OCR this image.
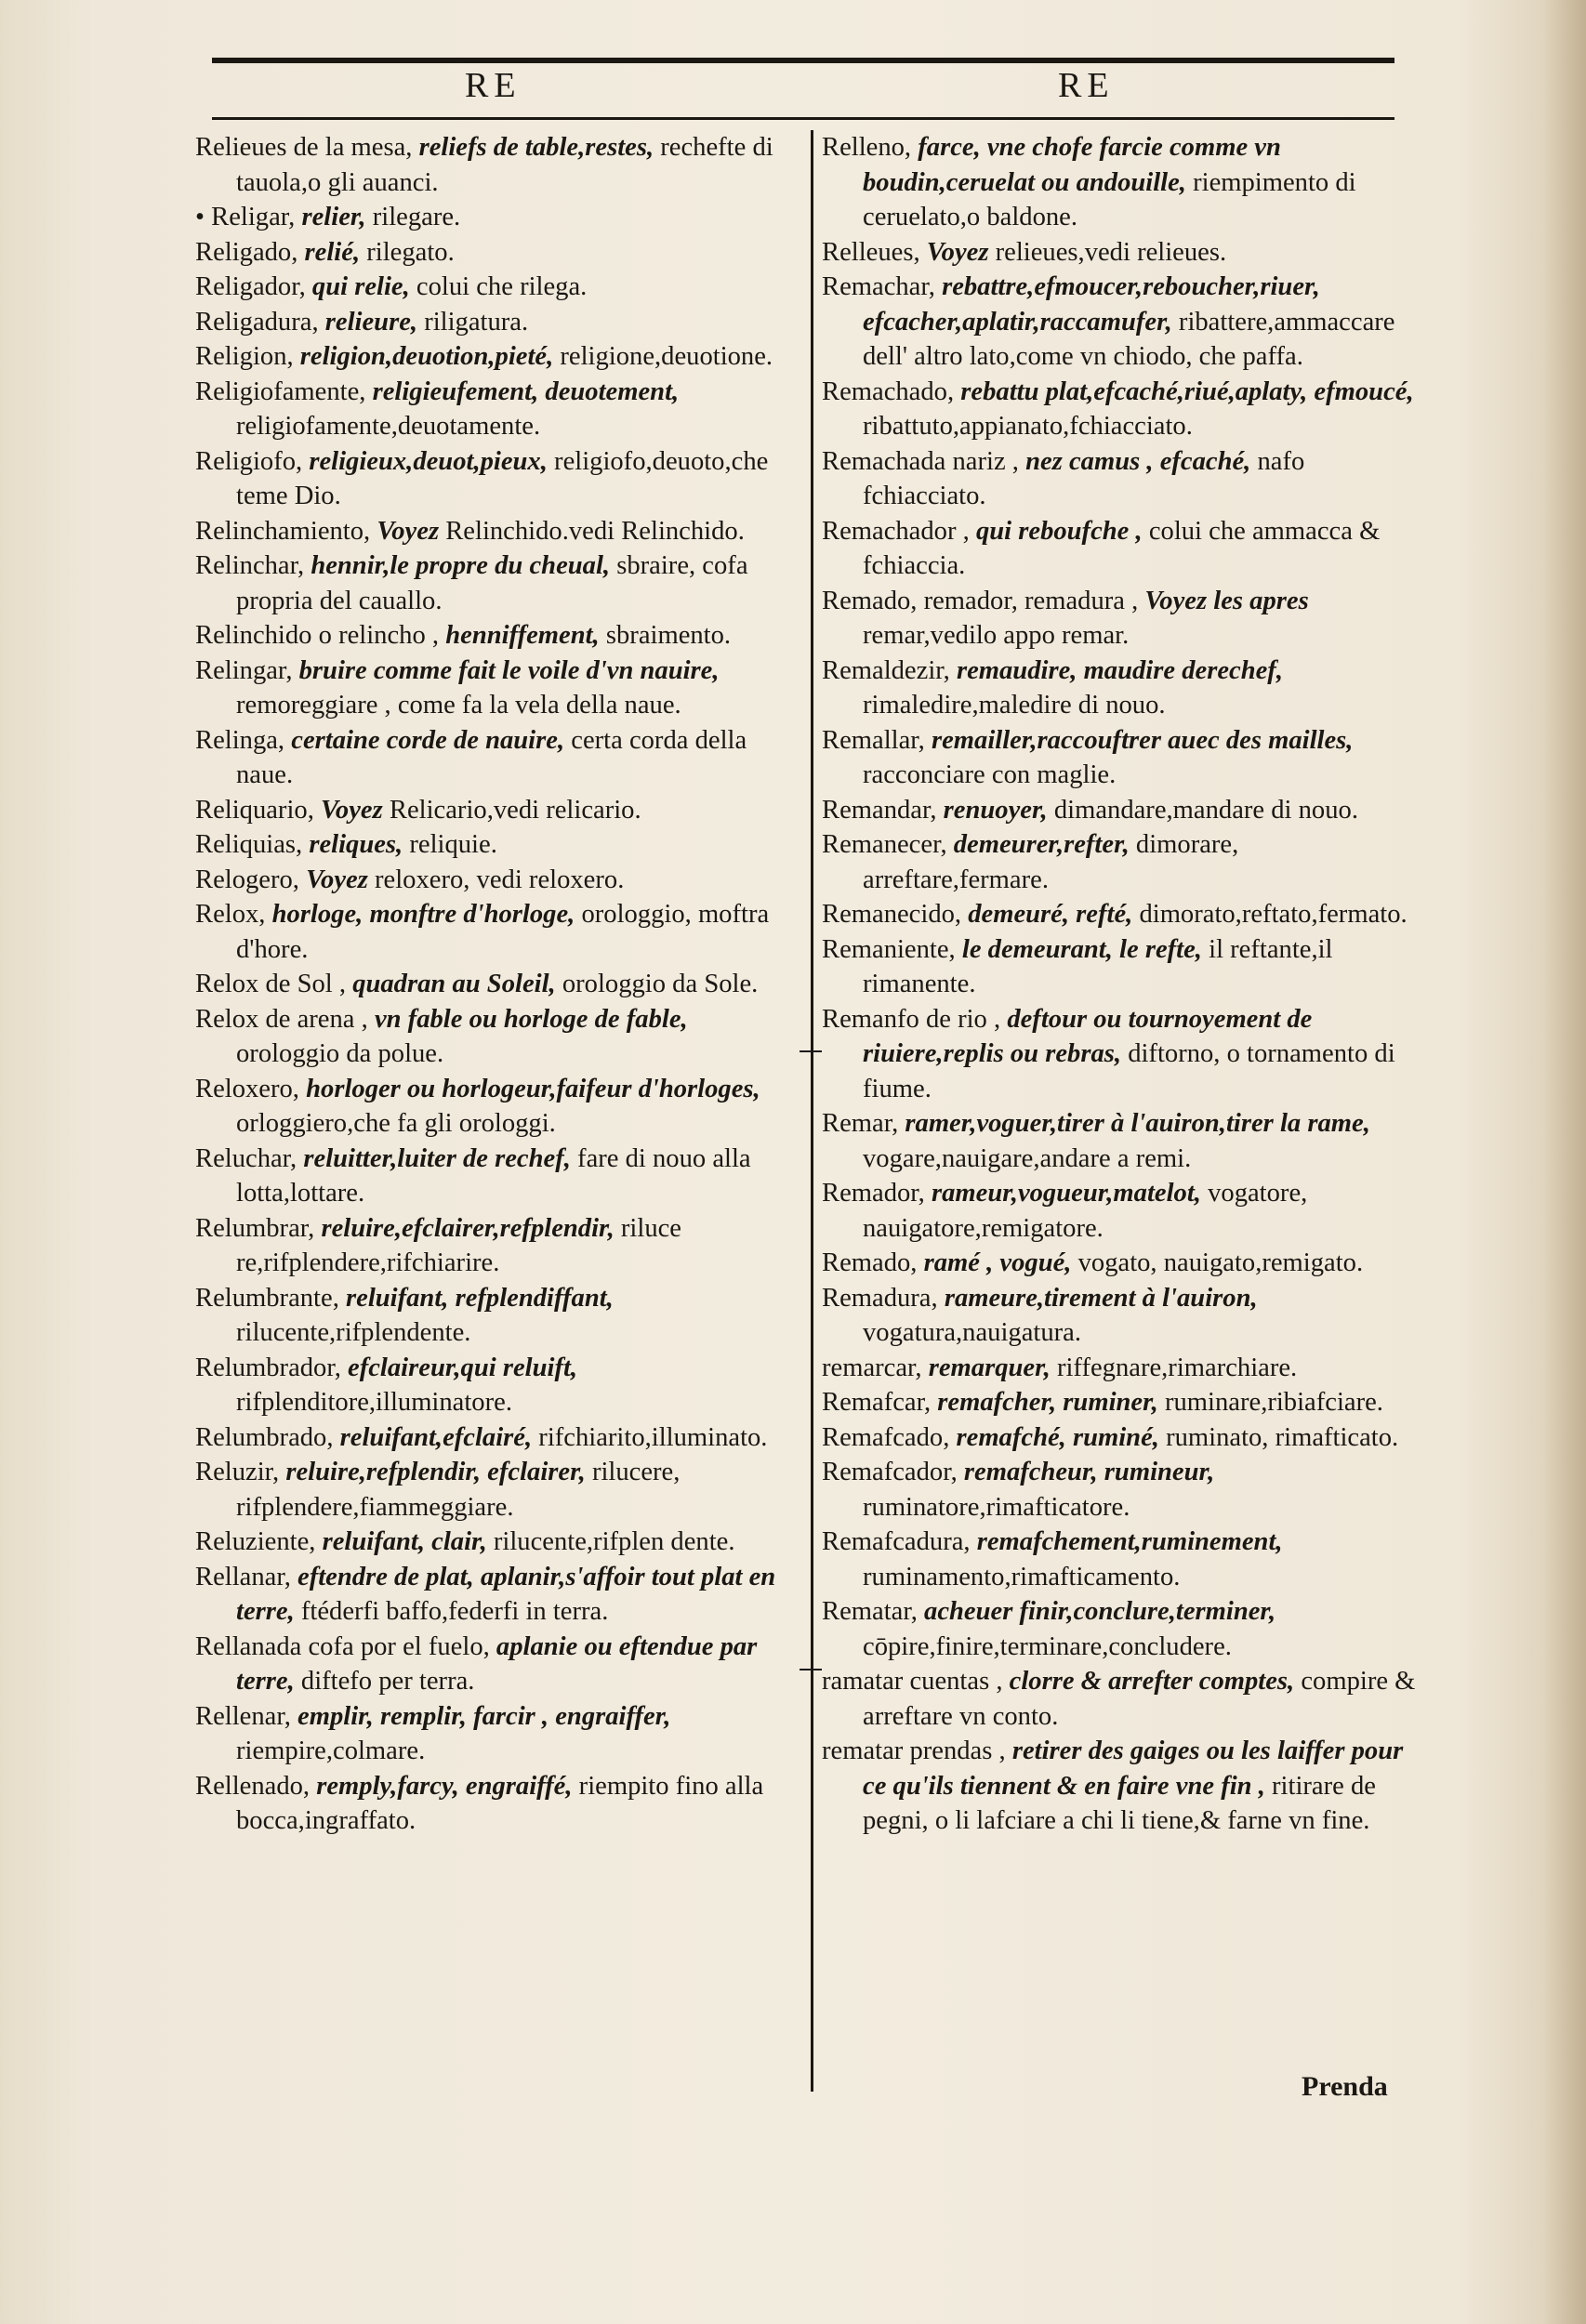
RE	RE
Relieues de la mesa, reliefs de table,restes, rechefte di tauola,o gli auanci.
• Religar, relier, rilegare.
Religado, relié, rilegato.
Religador, qui relie, colui che rilega.
Religadura, relieure, riligatura.
Religion, religion,deuotion,pieté, religione,deuotione.
Religiofamente, religieufement, deuotement, religiofamente,deuotamente.
Religiofo, religieux,deuot,pieux, religiofo,deuoto,che teme Dio.
Relinchamiento, Voyez Relinchido.vedi Relinchido.
Relinchar, hennir,le propre du cheual, sbraire, cofa propria del cauallo.
Relinchido o relincho , henniffement, sbraimento.
Relingar, bruire comme fait le voile d'vn nauire, remoreggiare , come fa la vela della naue.
Relinga, certaine corde de nauire, certa corda della naue.
Reliquario, Voyez Relicario,vedi relicario.
Reliquias, reliques, reliquie.
Relogero, Voyez reloxero, vedi reloxero.
Relox, horloge, monftre d'horloge, orologgio, moftra d'hore.
Relox de Sol , quadran au Soleil, orologgio da Sole.
Relox de arena , vn fable ou horloge de fable, orologgio da polue.
Reloxero, horloger ou horlogeur,faifeur d'horloges, orloggiero,che fa gli orologgi.
Reluchar, reluitter,luiter de rechef, fare di nouo alla lotta,lottare.
Relumbrar, reluire,efclairer,refplendir, riluce re,rifplendere,rifchiarire.
Relumbrante, reluifant, refplendiffant, rilucente,rifplendente.
Relumbrador, efclaireur,qui reluift, rifplenditore,illuminatore.
Relumbrado, reluifant,efclairé, rifchiarito,illuminato.
Reluzir, reluire,refplendir, efclairer, rilucere, rifplendere,fiammeggiare.
Reluziente, reluifant, clair, rilucente,rifplen dente.
Rellanar, eftendre de plat, aplanir,s'affoir tout plat en terre, ftéderfi baffo,federfi in terra.
Rellanada cofa por el fuelo, aplanie ou eftendue par terre, diftefo per terra.
Rellenar, emplir, remplir, farcir , engraiffer, riempire,colmare.
Rellenado, remply,farcy, engraiffé, riempito fino alla bocca,ingraffato.
Relleno, farce, vne chofe farcie comme vn boudin,ceruelat ou andouille, riempimento di ceruelato,o baldone.
Relleues, Voyez relieues,vedi relieues.
Remachar, rebattre,efmoucer,reboucher,riuer, efcacher,aplatir,raccamufer, ribattere,ammaccare dell' altro lato,come vn chiodo, che paffa.
Remachado, rebattu plat,efcaché,riué,aplaty, efmoucé, ribattuto,appianato,fchiacciato.
Remachada nariz , nez camus , efcaché, nafo fchiacciato.
Remachador , qui reboufche , colui che ammacca & fchiaccia.
Remado, remador, remadura , Voyez les apres remar,vedilo appo remar.
Remaldezir, remaudire, maudire derechef, rimaledire,maledire di nouo.
Remallar, remailler,raccouftrer auec des mailles, racconciare con maglie.
Remandar, renuoyer, dimandare,mandare di nouo.
Remanecer, demeurer,refter, dimorare, arreftare,fermare.
Remanecido, demeuré, refté, dimorato,reftato,fermato.
Remaniente, le demeurant, le refte, il reftante,il rimanente.
Remanfo de rio , deftour ou tournoyement de riuiere,replis ou rebras, diftorno, o tornamento di fiume.
Remar, ramer,voguer,tirer à l'auiron,tirer la rame, vogare,nauigare,andare a remi.
Remador, rameur,vogueur,matelot, vogatore, nauigatore,remigatore.
Remado, ramé , vogué, vogato, nauigato,remigato.
Remadura, rameure,tirement à l'auiron, vogatura,nauigatura.
remarcar, remarquer, riffegnare,rimarchiare.
Remafcar, remafcher, ruminer, ruminare,ribiafciare.
Remafcado, remafché, ruminé, ruminato, rimafticato.
Remafcador, remafcheur, rumineur, ruminatore,rimafticatore.
Remafcadura, remafchement,ruminement, ruminamento,rimafticamento.
Rematar, acheuer finir,conclure,terminer, cōpire,finire,terminare,concludere.
ramatar cuentas , clorre & arrefter comptes, compire & arreftare vn conto.
rematar prendas , retirer des gaiges ou les laiffer pour ce qu'ils tiennent & en faire vne fin , ritirare de pegni, o li lafciare a chi li tiene,& farne vn fine.
Prenda
